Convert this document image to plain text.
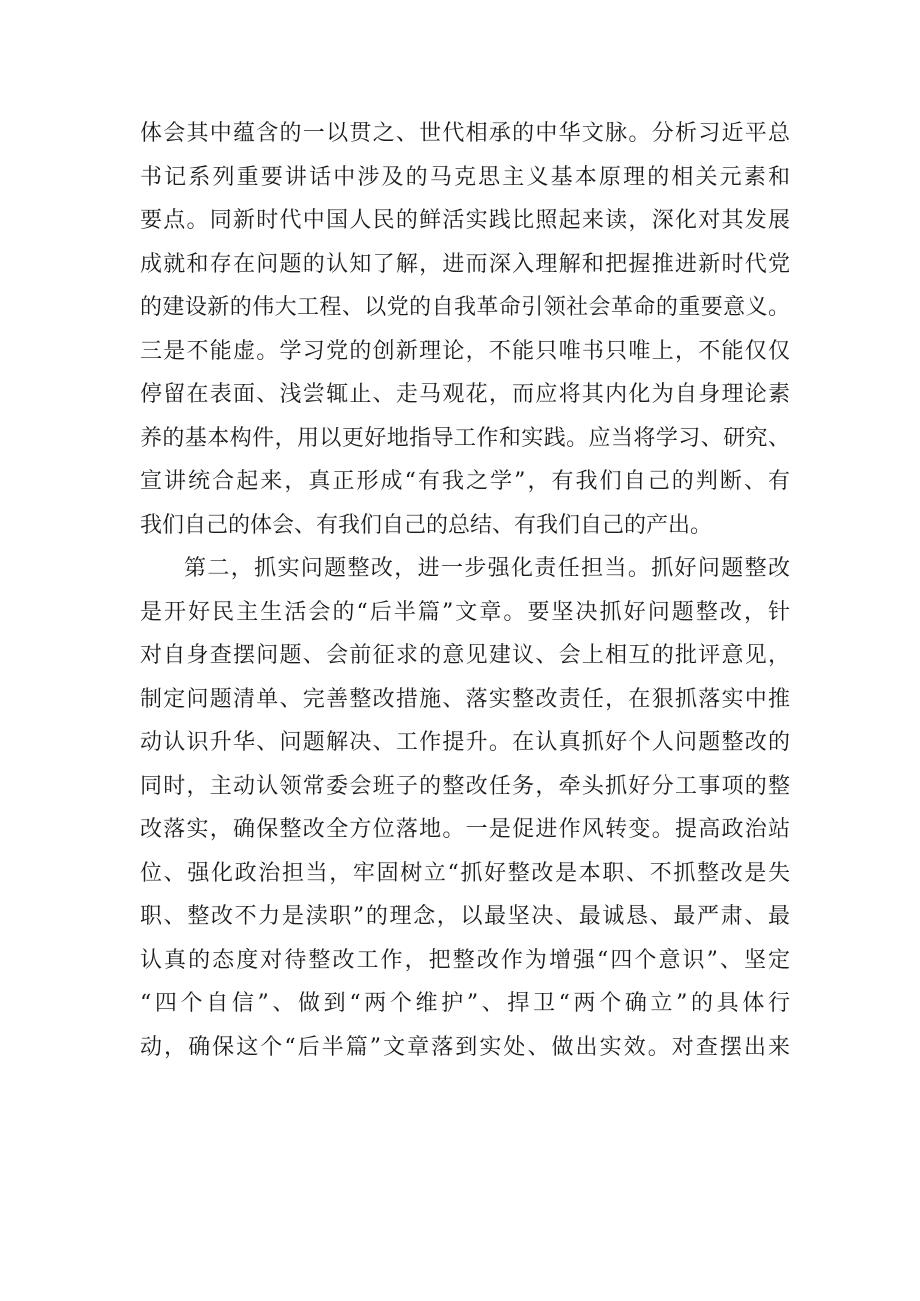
体会其中蕴含的一以贯之、世代相承的中华文脉。分析习近平总
书记系列重要讲话中涉及的马克思主义基本原理的相关元素和
要点。同新时代中国人民的鲜活实践比照起来读，深化对其发展
成就和存在问题的认知了解，进而深入理解和把握推进新时代党
的建设新的伟大工程、以党的自我革命引领社会革命的重要意义。
三是不能虚。学习党的创新理论，不能只唯书只唯上，不能仅仅
停留在表面、浅尝辄止、走马观花，而应将其内化为自身理论素
养的基本构件，用以更好地指导工作和实践。应当将学习、研究、
宣讲统合起来，真正形成“有我之学”，有我们自己的判断、有
我们自己的体会、有我们自己的总结、有我们自己的产出。
第二，抓实问题整改，进一步强化责任担当。抓好问题整改
是开好民主生活会的“后半篇”文章。要坚决抓好问题整改，针
对自身查摆问题、会前征求的意见建议、会上相互的批评意见，
制定问题清单、完善整改措施、落实整改责任，在狠抓落实中推
动认识升华、问题解决、工作提升。在认真抓好个人问题整改的
同时，主动认领常委会班子的整改任务，牵头抓好分工事项的整
改落实，确保整改全方位落地。一是促进作风转变。提高政治站
位、强化政治担当，牢固树立“抓好整改是本职、不抓整改是失
职、整改不力是渎职”的理念，以最坚决、最诚恳、最严肃、最
认真的态度对待整改工作，把整改作为增强“四个意识”、坚定
“四个自信”、做到“两个维护”、捍卫“两个确立”的具体行
动，确保这个“后半篇”文章落到实处、做出实效。对查摆出来
